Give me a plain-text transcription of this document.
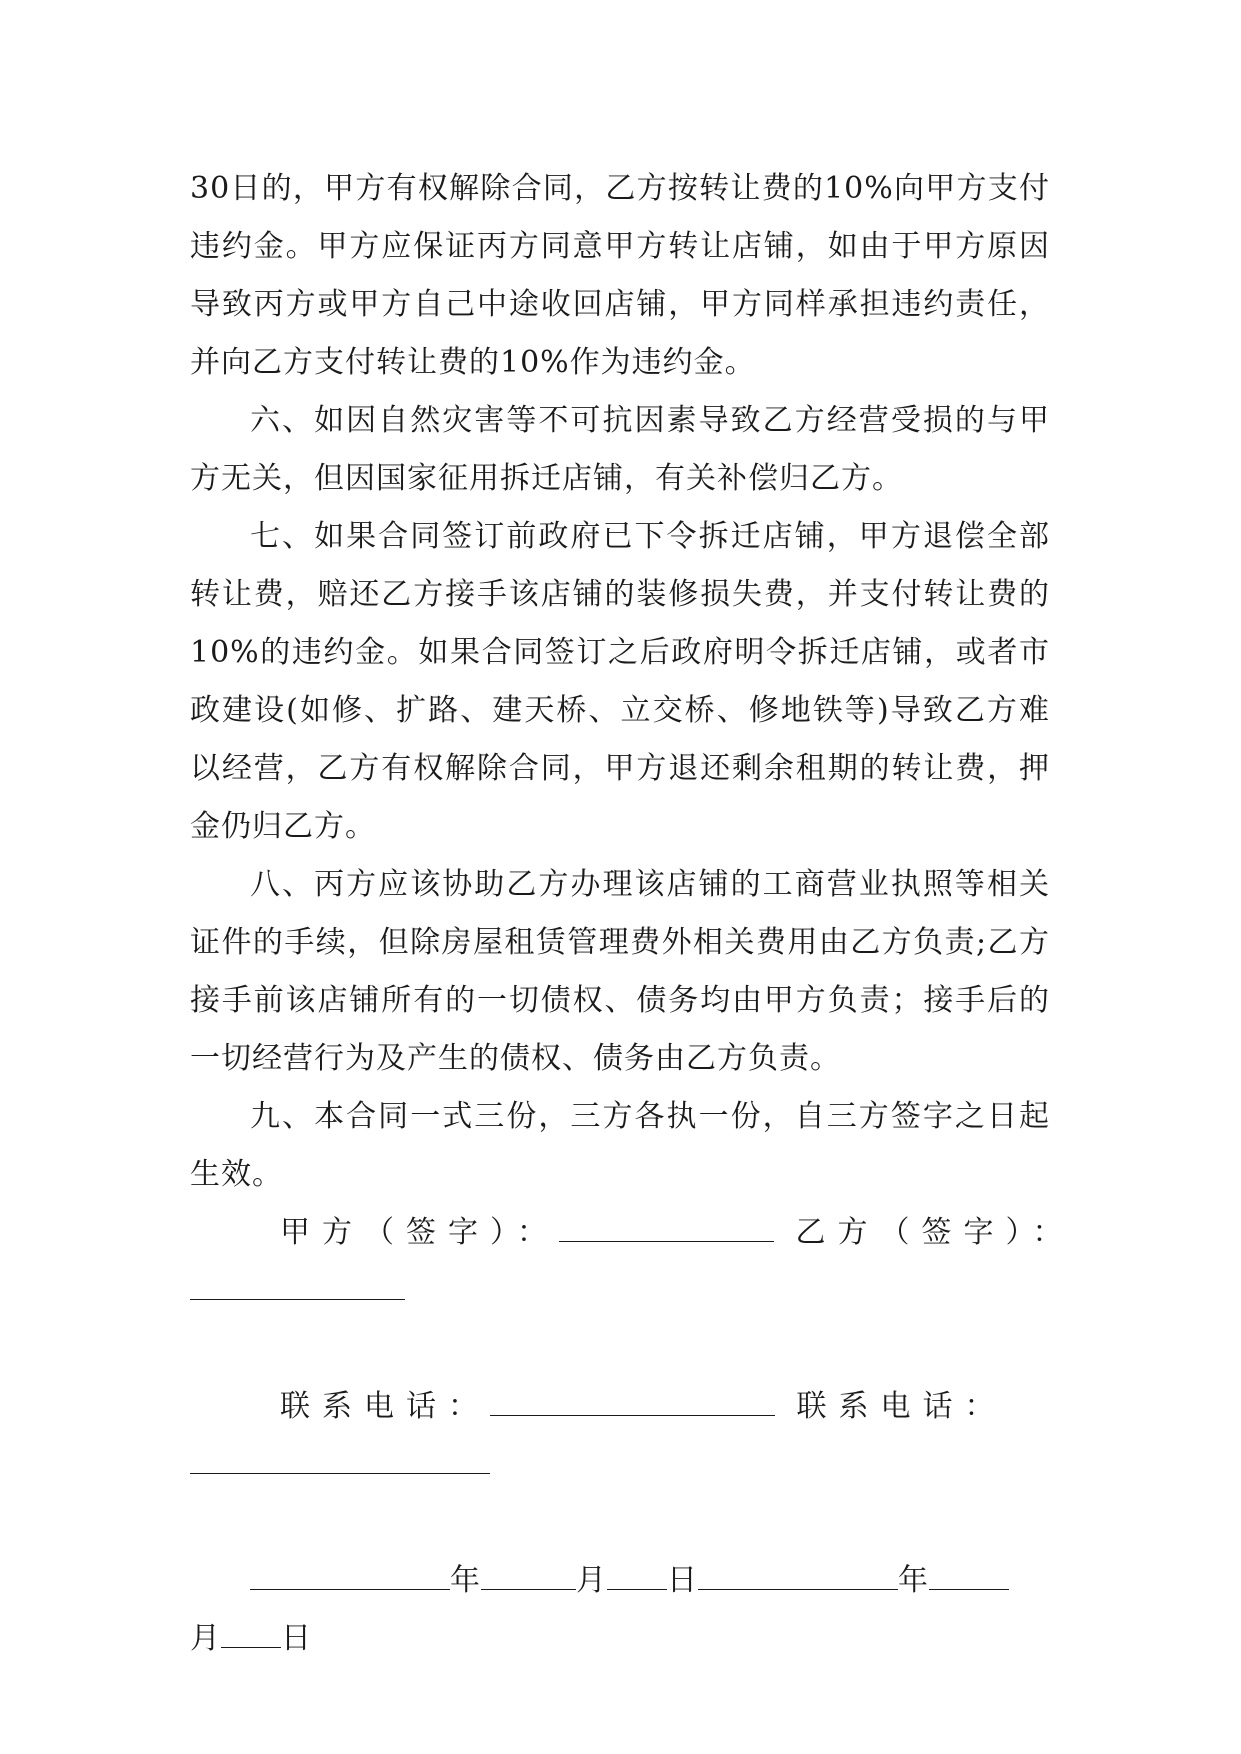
30日的，甲方有权解除合同，乙方按转让费的10%向甲方支付违约金。甲方应保证丙方同意甲方转让店铺，如由于甲方原因导致丙方或甲方自己中途收回店铺，甲方同样承担违约责任，并向乙方支付转让费的10%作为违约金。

六、如因自然灾害等不可抗因素导致乙方经营受损的与甲方无关，但因国家征用拆迁店铺，有关补偿归乙方。

七、如果合同签订前政府已下令拆迁店铺，甲方退偿全部转让费，赔还乙方接手该店铺的装修损失费，并支付转让费的10%的违约金。如果合同签订之后政府明令拆迁店铺，或者市政建设(如修、扩路、建天桥、立交桥、修地铁等)导致乙方难以经营，乙方有权解除合同，甲方退还剩余租期的转让费，押金仍归乙方。

八、丙方应该协助乙方办理该店铺的工商营业执照等相关证件的手续，但除房屋租赁管理费外相关费用由乙方负责;乙方接手前该店铺所有的一切债权、债务均由甲方负责；接手后的一切经营行为及产生的债权、债务由乙方负责。

九、本合同一式三份，三方各执一份，自三方签字之日起生效。

甲方（签字）：	乙方（签字）：
联系电话：	联系电话：
年	月 日	年
月 日
